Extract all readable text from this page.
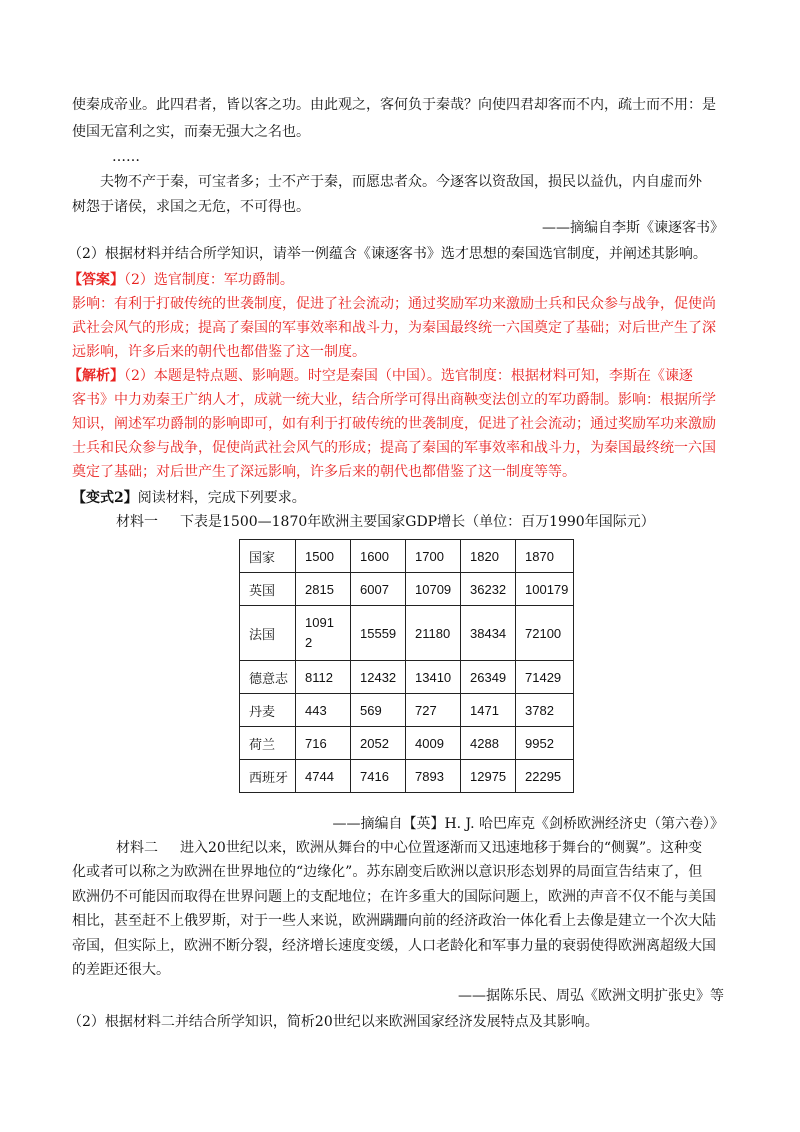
使秦成帝业。此四君者，皆以客之功。由此观之，客何负于秦哉？向使四君却客而不内，疏士而不用：是
使国无富利之实，而秦无强大之名也。
……
夫物不产于秦，可宝者多；士不产于秦，而愿忠者众。今逐客以资敌国，损民以益仇，内自虚而外
树怨于诸侯，求国之无危，不可得也。
——摘编自李斯《谏逐客书》
（2）根据材料并结合所学知识，请举一例蕴含《谏逐客书》选才思想的秦国选官制度，并阐述其影响。
【答案】（2）选官制度：军功爵制。
影响：有利于打破传统的世袭制度，促进了社会流动；通过奖励军功来激励士兵和民众参与战争，促使尚
武社会风气的形成；提高了秦国的军事效率和战斗力，为秦国最终统一六国奠定了基础；对后世产生了深
远影响，许多后来的朝代也都借鉴了这一制度。
【解析】（2）本题是特点题、影响题。时空是秦国（中国）。选官制度：根据材料可知，李斯在《谏逐
客书》中力劝秦王广纳人才，成就一统大业，结合所学可得出商鞅变法创立的军功爵制。影响：根据所学
知识，阐述军功爵制的影响即可，如有利于打破传统的世袭制度，促进了社会流动；通过奖励军功来激励
士兵和民众参与战争，促使尚武社会风气的形成；提高了秦国的军事效率和战斗力，为秦国最终统一六国
奠定了基础；对后世产生了深远影响，许多后来的朝代也都借鉴了这一制度等等。
【变式2】阅读材料，完成下列要求。
材料一 下表是1500—1870年欧洲主要国家GDP增长（单位：百万1990年国际元）
国家	1500	1600	1700	1820	1870
英国	2815	6007	10709	36232	100179
法国	10912	15559	21180	38434	72100
德意志	8112	12432	13410	26349	71429
丹麦	443	569	727	1471	3782
荷兰	716	2052	4009	4288	9952
西班牙	4744	7416	7893	12975	22295
——摘编自【英】H. J. 哈巴库克《剑桥欧洲经济史（第六卷）》
材料二 进入20世纪以来，欧洲从舞台的中心位置逐渐而又迅速地移于舞台的“侧翼”。这种变
化或者可以称之为欧洲在世界地位的“边缘化”。苏东剧变后欧洲以意识形态划界的局面宣告结束了，但
欧洲仍不可能因而取得在世界问题上的支配地位；在许多重大的国际问题上，欧洲的声音不仅不能与美国
相比，甚至赶不上俄罗斯，对于一些人来说，欧洲蹒跚向前的经济政治一体化看上去像是建立一个次大陆
帝国，但实际上，欧洲不断分裂，经济增长速度变缓，人口老龄化和军事力量的衰弱使得欧洲离超级大国
的差距还很大。
——据陈乐民、周弘《欧洲文明扩张史》等
（2）根据材料二并结合所学知识，简析20世纪以来欧洲国家经济发展特点及其影响。
